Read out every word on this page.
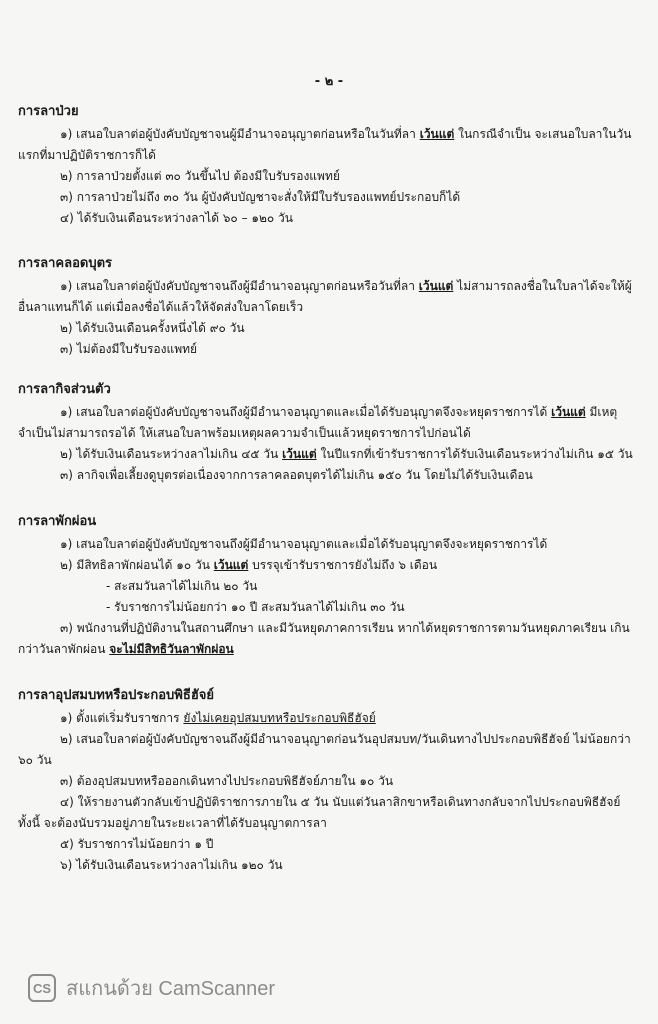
- ๒ -

การลาป่วย

๑) เสนอใบลาต่อผู้บังคับบัญชาจนผู้มีอำนาจอนุญาตก่อนหรือในวันที่ลา เว้นแต่ ในกรณีจำเป็น จะเสนอใบลาในวันแรกที่มาปฏิบัติราชการก็ได้

๒) การลาป่วยตั้งแต่ ๓๐ วันขึ้นไป ต้องมีใบรับรองแพทย์

๓) การลาป่วยไม่ถึง ๓๐ วัน ผู้บังคับบัญชาจะสั่งให้มีใบรับรองแพทย์ประกอบก็ได้

๔) ได้รับเงินเดือนระหว่างลาได้ ๖๐ – ๑๒๐ วัน

การลาคลอดบุตร

๑) เสนอใบลาต่อผู้บังคับบัญชาจนถึงผู้มีอำนาจอนุญาตก่อนหรือวันที่ลา เว้นแต่ ไม่สามารถลงชื่อในใบลาได้จะให้ผู้อื่นลาแทนก็ได้ แต่เมื่อลงชื่อได้แล้วให้จัดส่งใบลาโดยเร็ว

๒) ได้รับเงินเดือนครั้งหนึ่งได้ ๙๐ วัน

๓) ไม่ต้องมีใบรับรองแพทย์

การลากิจส่วนตัว

๑) เสนอใบลาต่อผู้บังคับบัญชาจนถึงผู้มีอำนาจอนุญาตและเมื่อได้รับอนุญาตจึงจะหยุดราชการได้ เว้นแต่ มีเหตุจำเป็นไม่สามารถรอได้ ให้เสนอใบลาพร้อมเหตุผลความจำเป็นแล้วหยุดราชการไปก่อนได้

๒) ได้รับเงินเดือนระหว่างลาไม่เกิน ๔๕ วัน เว้นแต่ ในปีแรกที่เข้ารับราชการได้รับเงินเดือนระหว่างไม่เกิน ๑๕ วัน

๓) ลากิจเพื่อเลี้ยงดูบุตรต่อเนื่องจากการลาคลอดบุตรได้ไม่เกิน ๑๕๐ วัน โดยไม่ได้รับเงินเดือน

การลาพักผ่อน

๑) เสนอใบลาต่อผู้บังคับบัญชาจนถึงผู้มีอำนาจอนุญาตและเมื่อได้รับอนุญาตจึงจะหยุดราชการได้

๒) มีสิทธิลาพักผ่อนได้ ๑๐ วัน เว้นแต่ บรรจุเข้ารับราชการยังไม่ถึง ๖ เดือน

- สะสมวันลาได้ไม่เกิน ๒๐ วัน

- รับราชการไม่น้อยกว่า ๑๐ ปี สะสมวันลาได้ไม่เกิน ๓๐ วัน

๓) พนักงานที่ปฏิบัติงานในสถานศึกษา และมีวันหยุดภาคการเรียน หากได้หยุดราชการตามวันหยุดภาคเรียน เกินกว่าวันลาพักผ่อน จะไม่มีสิทธิวันลาพักผ่อน

การลาอุปสมบทหรือประกอบพิธีฮัจย์

๑) ตั้งแต่เริ่มรับราชการ ยังไม่เคยอุปสมบทหรือประกอบพิธีฮัจย์

๒) เสนอใบลาต่อผู้บังคับบัญชาจนถึงผู้มีอำนาจอนุญาตก่อนวันอุปสมบท/วันเดินทางไปประกอบพิธีฮัจย์ ไม่น้อยกว่า ๖๐ วัน

๓) ต้องอุปสมบทหรือออกเดินทางไปประกอบพิธีฮัจย์ภายใน ๑๐ วัน

๔) ให้รายงานตัวกลับเข้าปฏิบัติราชการภายใน ๕ วัน นับแต่วันลาสิกขาหรือเดินทางกลับจากไปประกอบพิธีฮัจย์ ทั้งนี้ จะต้องนับรวมอยู่ภายในระยะเวลาที่ได้รับอนุญาตการลา

๕) รับราชการไม่น้อยกว่า ๑ ปี

๖) ได้รับเงินเดือนระหว่างลาไม่เกิน ๑๒๐ วัน

CS สแกนด้วย CamScanner
